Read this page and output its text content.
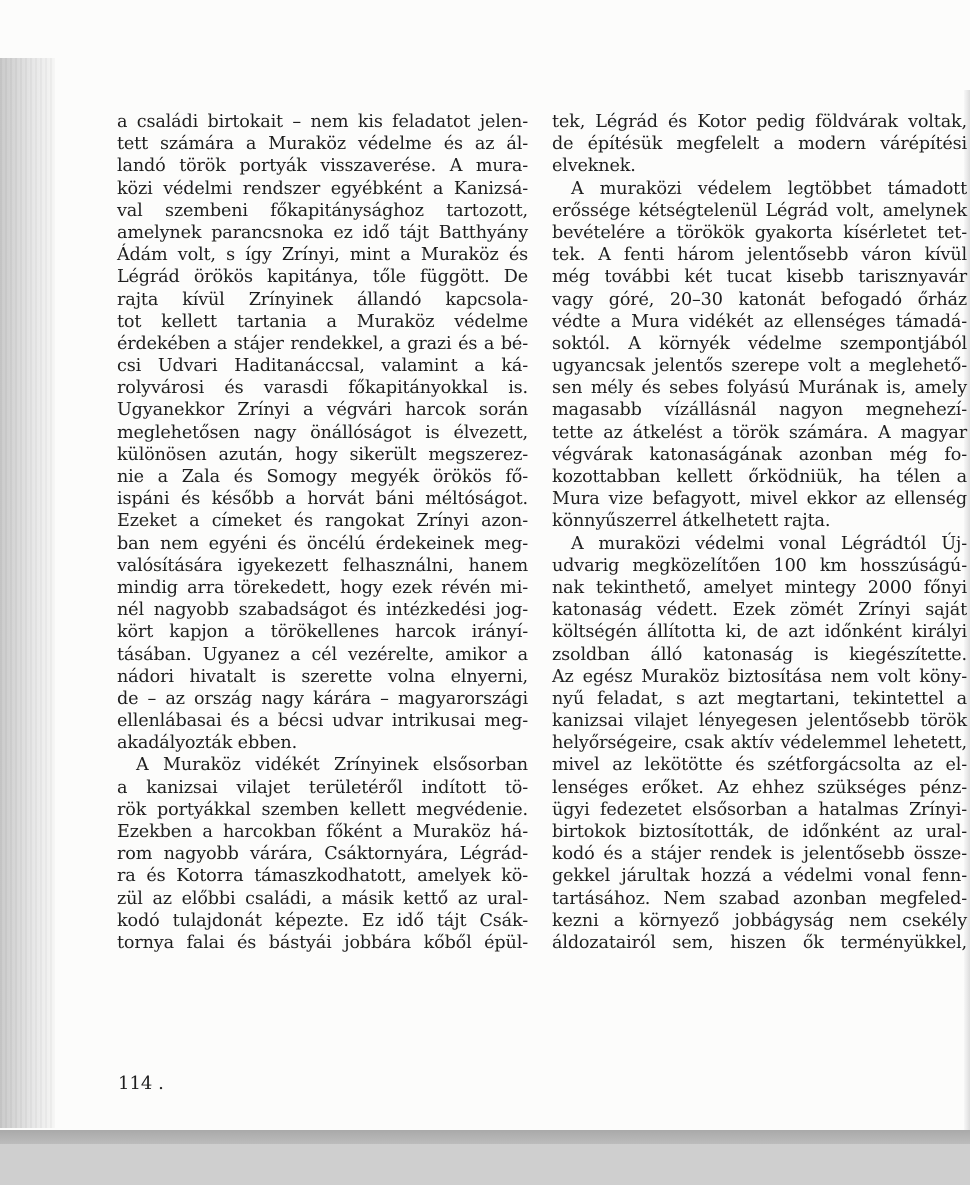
a családi birtokait – nem kis feladatot jelen-
tett számára a Muraköz védelme és az ál-
landó török portyák visszaverése. A mura-
közi védelmi rendszer egyébként a Kanizsá-
val szembeni főkapitánysághoz tartozott,
amelynek parancsnoka ez idő tájt Batthyány
Ádám volt, s így Zrínyi, mint a Muraköz és
Légrád örökös kapitánya, tőle függött. De
rajta kívül Zrínyinek állandó kapcsola-
tot kellett tartania a Muraköz védelme
érdekében a stájer rendekkel, a grazi és a bé-
csi Udvari Haditanáccsal, valamint a ká-
rolyvárosi és varasdi főkapitányokkal is.
Ugyanekkor Zrínyi a végvári harcok során
meglehetősen nagy önállóságot is élvezett,
különösen azután, hogy sikerült megszerez-
nie a Zala és Somogy megyék örökös fő-
ispáni és később a horvát báni méltóságot.
Ezeket a címeket és rangokat Zrínyi azon-
ban nem egyéni és öncélú érdekeinek meg-
valósítására igyekezett felhasználni, hanem
mindig arra törekedett, hogy ezek révén mi-
nél nagyobb szabadságot és intézkedési jog-
kört kapjon a törökellenes harcok irányí-
tásában. Ugyanez a cél vezérelte, amikor a
nádori hivatalt is szerette volna elnyerni,
de – az ország nagy kárára – magyarországi
ellenlábasai és a bécsi udvar intrikusai meg-
akadályozták ebben.
A Muraköz vidékét Zrínyinek elsősorban
a kanizsai vilajet területéről indított tö-
rök portyákkal szemben kellett megvédenie.
Ezekben a harcokban főként a Muraköz há-
rom nagyobb várára, Csáktornyára, Légrád-
ra és Kotorra támaszkodhatott, amelyek kö-
zül az előbbi családi, a másik kettő az ural-
kodó tulajdonát képezte. Ez idő tájt Csák-
tornya falai és bástyái jobbára kőből épül-
tek, Légrád és Kotor pedig földvárak voltak,
de építésük megfelelt a modern várépítési
elveknek.
A muraközi védelem legtöbbet támadott
erőssége kétségtelenül Légrád volt, amelynek
bevételére a törökök gyakorta kísérletet tet-
tek. A fenti három jelentősebb váron kívül
még további két tucat kisebb tarisznyavár
vagy góré, 20–30 katonát befogadó őrház
védte a Mura vidékét az ellenséges támadá-
soktól. A környék védelme szempontjából
ugyancsak jelentős szerepe volt a meglehető-
sen mély és sebes folyású Murának is, amely
magasabb vízállásnál nagyon megnehezí-
tette az átkelést a török számára. A magyar
végvárak katonaságának azonban még fo-
kozottabban kellett őrködniük, ha télen a
Mura vize befagyott, mivel ekkor az ellenség
könnyűszerrel átkelhetett rajta.
A muraközi védelmi vonal Légrádtól Új-
udvarig megközelítően 100 km hosszúságú-
nak tekinthető, amelyet mintegy 2000 főnyi
katonaság védett. Ezek zömét Zrínyi saját
költségén állította ki, de azt időnként királyi
zsoldban álló katonaság is kiegészítette.
Az egész Muraköz biztosítása nem volt köny-
nyű feladat, s azt megtartani, tekintettel a
kanizsai vilajet lényegesen jelentősebb török
helyőrségeire, csak aktív védelemmel lehetett,
mivel az lekötötte és szétforgácsolta az el-
lenséges erőket. Az ehhez szükséges pénz-
ügyi fedezetet elsősorban a hatalmas Zrínyi-
birtokok biztosították, de időnként az ural-
kodó és a stájer rendek is jelentősebb össze-
gekkel járultak hozzá a védelmi vonal fenn-
tartásához. Nem szabad azonban megfeled-
kezni a környező jobbágyság nem csekély
áldozatairól sem, hiszen ők terményükkel,
114 .
